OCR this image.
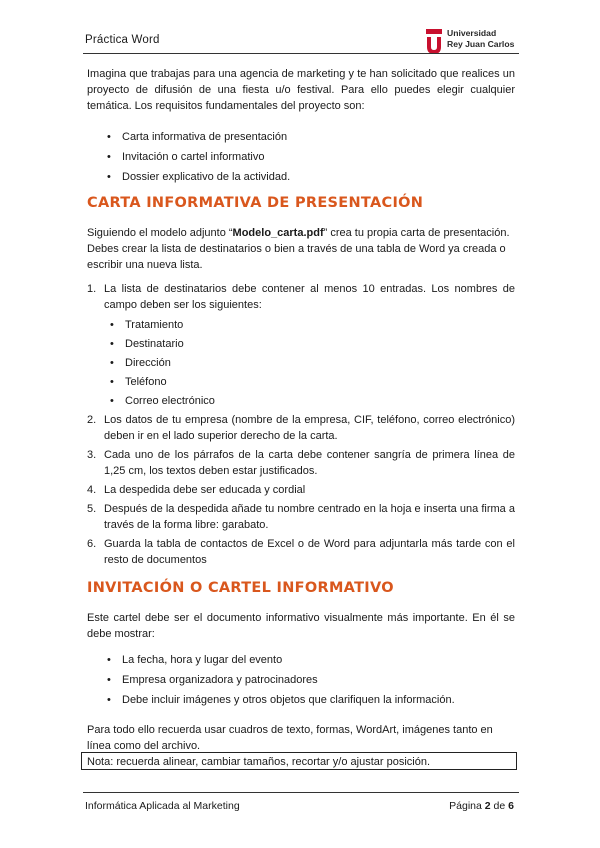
Práctica Word
Universidad
Rey Juan Carlos

Imagina que trabajas para una agencia de marketing y te han solicitado que realices un proyecto de difusión de una fiesta u/o festival. Para ello puedes elegir cualquier temática. Los requisitos fundamentales del proyecto son:

• Carta informativa de presentación
• Invitación o cartel informativo
• Dossier explicativo de la actividad.
CARTA INFORMATIVA DE PRESENTACIÓN

Siguiendo el modelo adjunto “Modelo_carta.pdf” crea tu propia carta de presentación. Debes crear la lista de destinatarios o bien a través de una tabla de Word ya creada o escribir una nueva lista.

1. La lista de destinatarios debe contener al menos 10 entradas. Los nombres de campo deben ser los siguientes:
• Tratamiento
• Destinatario
• Dirección
• Teléfono
• Correo electrónico
2. Los datos de tu empresa (nombre de la empresa, CIF, teléfono, correo electrónico) deben ir en el lado superior derecho de la carta.
3. Cada uno de los párrafos de la carta debe contener sangría de primera línea de 1,25 cm, los textos deben estar justificados.
4. La despedida debe ser educada y cordial
5. Después de la despedida añade tu nombre centrado en la hoja e inserta una firma a través de la forma libre: garabato.
6. Guarda la tabla de contactos de Excel o de Word para adjuntarla más tarde con el resto de documentos
INVITACIÓN O CARTEL INFORMATIVO

Este cartel debe ser el documento informativo visualmente más importante. En él se debe mostrar:

• La fecha, hora y lugar del evento
• Empresa organizadora y patrocinadores
• Debe incluir imágenes y otros objetos que clarifiquen la información.

Para todo ello recuerda usar cuadros de texto, formas, WordArt, imágenes tanto en línea como del archivo.

Nota: recuerda alinear, cambiar tamaños, recortar y/o ajustar posición.
Informática Aplicada al Marketing	Página 2 de 6
